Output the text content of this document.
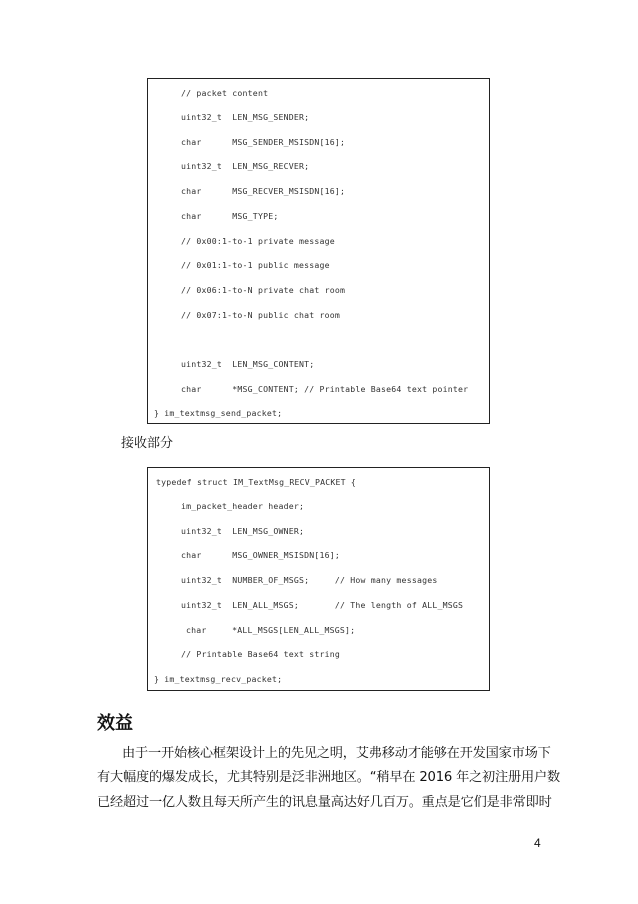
// packet content
uint32_t  LEN_MSG_SENDER;
char      MSG_SENDER_MSISDN[16];
uint32_t  LEN_MSG_RECVER;
char      MSG_RECVER_MSISDN[16];
char      MSG_TYPE;
// 0x00:1-to-1 private message
// 0x01:1-to-1 public message
// 0x06:1-to-N private chat room
// 0x07:1-to-N public chat room
uint32_t  LEN_MSG_CONTENT;
char      *MSG_CONTENT; // Printable Base64 text pointer
} im_textmsg_send_packet;
接收部分
typedef struct IM_TextMsg_RECV_PACKET {
im_packet_header header;
uint32_t  LEN_MSG_OWNER;
char      MSG_OWNER_MSISDN[16];
uint32_t  NUMBER_OF_MSGS;     // How many messages
uint32_t  LEN_ALL_MSGS;       // The length of ALL_MSGS
char     *ALL_MSGS[LEN_ALL_MSGS];
// Printable Base64 text string
} im_textmsg_recv_packet;
效益
由于一开始核心框架设计上的先见之明，艾弗移动才能够在开发国家市场下
有大幅度的爆发成长，尤其特别是泛非洲地区。“稍早在 2016 年之初注册用户数
已经超过一亿人数且每天所产生的讯息量高达好几百万。重点是它们是非常即时
4
